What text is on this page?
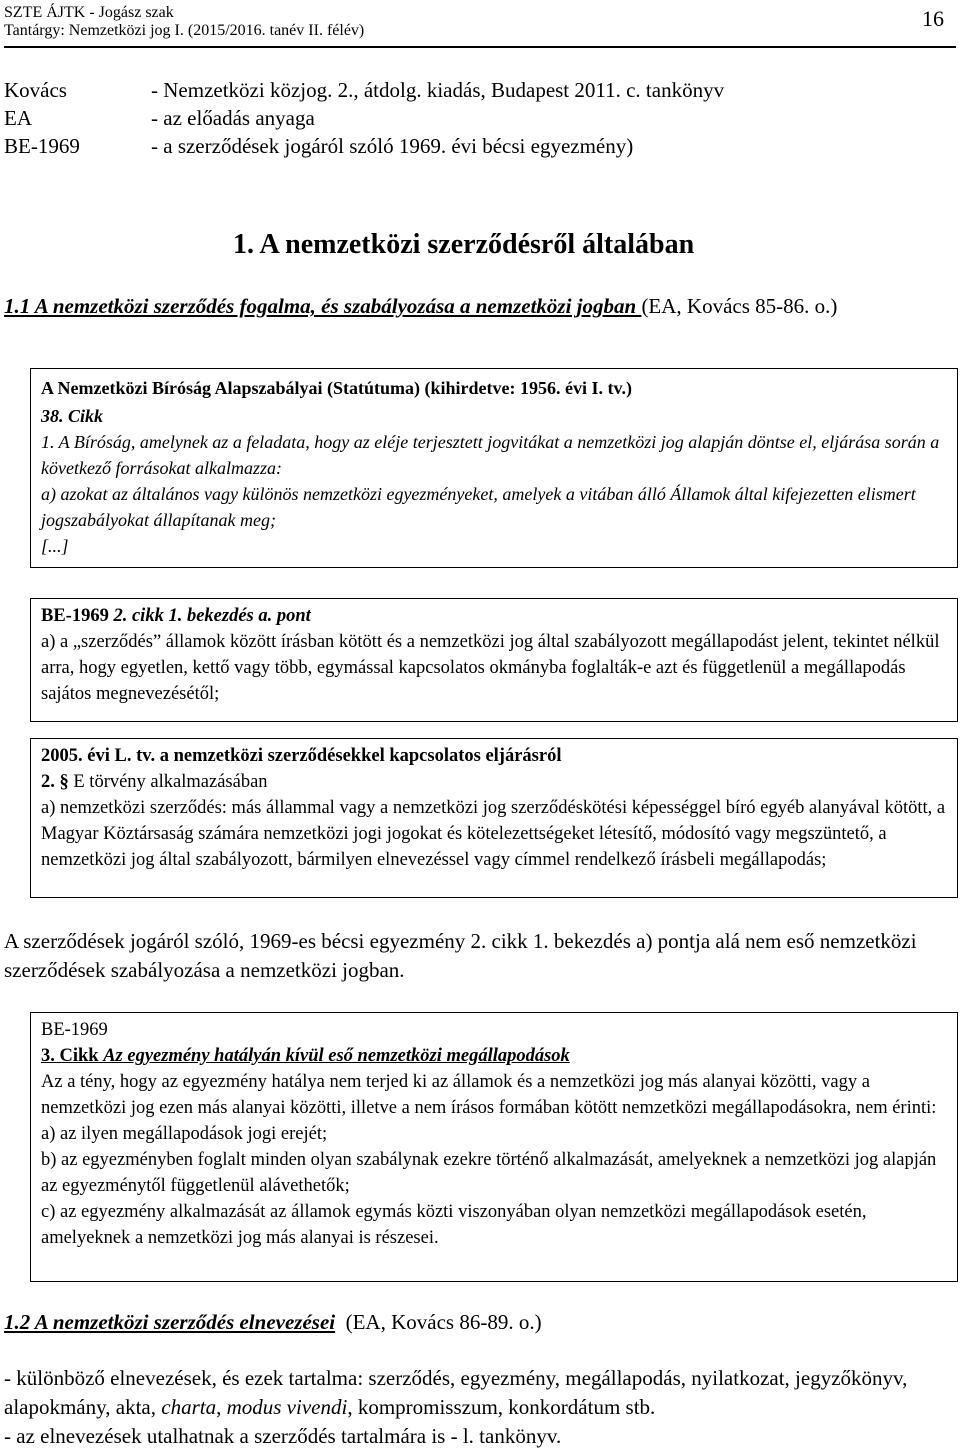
SZTE ÁJTK - Jogász szak
Tantárgy: Nemzetközi jog I. (2015/2016. tanév II. félév)	16
Kovács	- Nemzetközi közjog. 2., átdolg. kiadás, Budapest 2011. c. tankönyv
EA	- az előadás anyaga
BE-1969	- a szerződések jogáról szóló 1969. évi bécsi egyezmény)
1. A nemzetközi szerződésről általában
1.1 A nemzetközi szerződés fogalma, és szabályozása a nemzetközi jogban (EA, Kovács 85-86. o.)

A Nemzetközi Bíróság Alapszabályai (Statútuma) (kihirdetve: 1956. évi I. tv.)

38. Cikk

1. A Bíróság, amelynek az a feladata, hogy az eléje terjesztett jogvitákat a nemzetközi jog alapján döntse el, eljárása során a következő forrásokat alkalmazza:

a) azokat az általános vagy különös nemzetközi egyezményeket, amelyek a vitában álló Államok által kifejezetten elismert jogszabályokat állapítanak meg;

[...]

BE-1969 2. cikk 1. bekezdés a. pont

a) a „szerződés” államok között írásban kötött és a nemzetközi jog által szabályozott megállapodást jelent, tekintet nélkül arra, hogy egyetlen, kettő vagy több, egymással kapcsolatos okmányba foglalták-e azt és függetlenül a megállapodás sajátos megnevezésétől;

2005. évi L. tv. a nemzetközi szerződésekkel kapcsolatos eljárásról

2. § E törvény alkalmazásában

a) nemzetközi szerződés: más állammal vagy a nemzetközi jog szerződéskötési képességgel bíró egyéb alanyával kötött, a Magyar Köztársaság számára nemzetközi jogi jogokat és kötelezettségeket létesítő, módosító vagy megszüntető, a nemzetközi jog által szabályozott, bármilyen elnevezéssel vagy címmel rendelkező írásbeli megállapodás;

A szerződések jogáról szóló, 1969-es bécsi egyezmény 2. cikk 1. bekezdés a) pontja alá nem eső nemzetközi szerződések szabályozása a nemzetközi jogban.

BE-1969

3. Cikk Az egyezmény hatályán kívül eső nemzetközi megállapodások

Az a tény, hogy az egyezmény hatálya nem terjed ki az államok és a nemzetközi jog más alanyai közötti, vagy a nemzetközi jog ezen más alanyai közötti, illetve a nem írásos formában kötött nemzetközi megállapodásokra, nem érinti:

a) az ilyen megállapodások jogi erejét;

b) az egyezményben foglalt minden olyan szabálynak ezekre történő alkalmazását, amelyeknek a nemzetközi jog alapján az egyezménytől függetlenül alávethetők;

c) az egyezmény alkalmazását az államok egymás közti viszonyában olyan nemzetközi megállapodások esetén, amelyeknek a nemzetközi jog más alanyai is részesei.

1.2 A nemzetközi szerződés elnevezései  (EA, Kovács 86-89. o.)

- különböző elnevezések, és ezek tartalma: szerződés, egyezmény, megállapodás, nyilatkozat, jegyzőkönyv, alapokmány, akta, charta, modus vivendi, kompromisszum, konkordátum stb.

- az elnevezések utalhatnak a szerződés tartalmára is - l. tankönyv.
